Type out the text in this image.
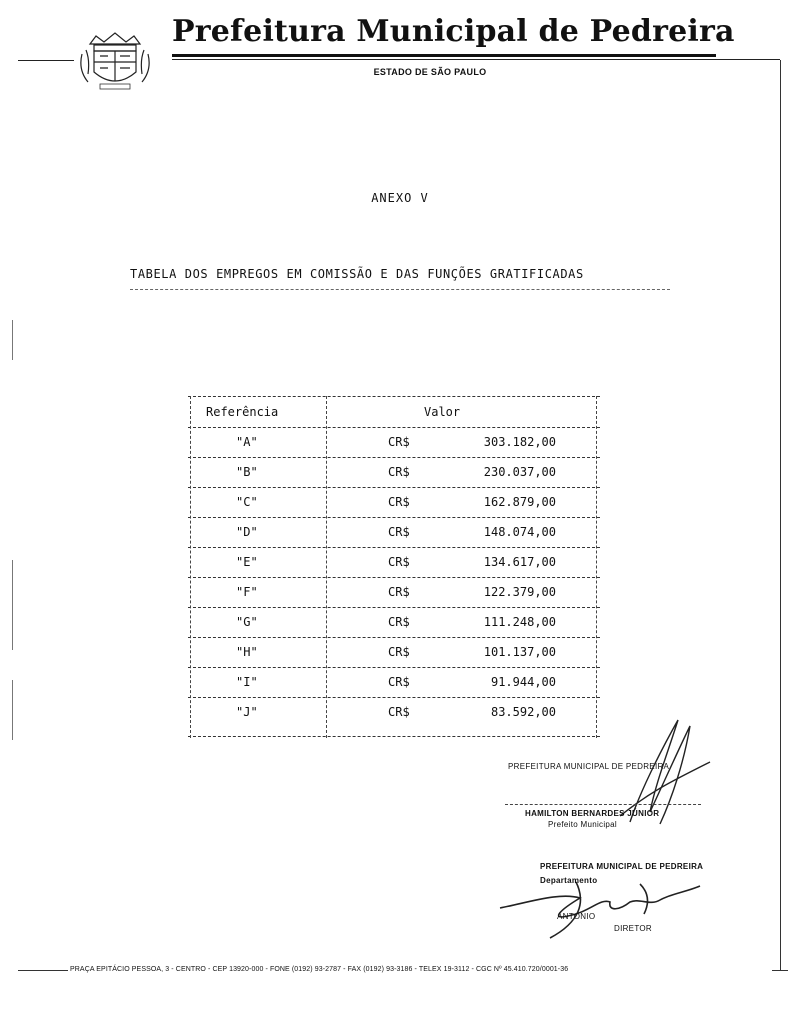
Prefeitura Municipal de Pedreira
ESTADO DE SÃO PAULO
ANEXO V
TABELA DOS EMPREGOS EM COMISSÃO E DAS FUNÇÕES GRATIFICADAS
Referência	Valor
"A"	CR$	303.182,00
"B"	CR$	230.037,00
"C"	CR$	162.879,00
"D"	CR$	148.074,00
"E"	CR$	134.617,00
"F"	CR$	122.379,00
"G"	CR$	111.248,00
"H"	CR$	101.137,00
"I"	CR$	91.944,00
"J"	CR$	83.592,00
PREFEITURA MUNICIPAL DE PEDREIRA
HAMILTON BERNARDES JÚNIOR
Prefeito Municipal
PREFEITURA MUNICIPAL DE PEDREIRA
Departamento
ANTONIO
DIRETOR
PRAÇA EPITÁCIO PESSOA, 3 - CENTRO - CEP 13920-000 - FONE (0192) 93-2787 - FAX (0192) 93-3186 - TELEX 19-3112 - CGC Nº 45.410.720/0001-36
